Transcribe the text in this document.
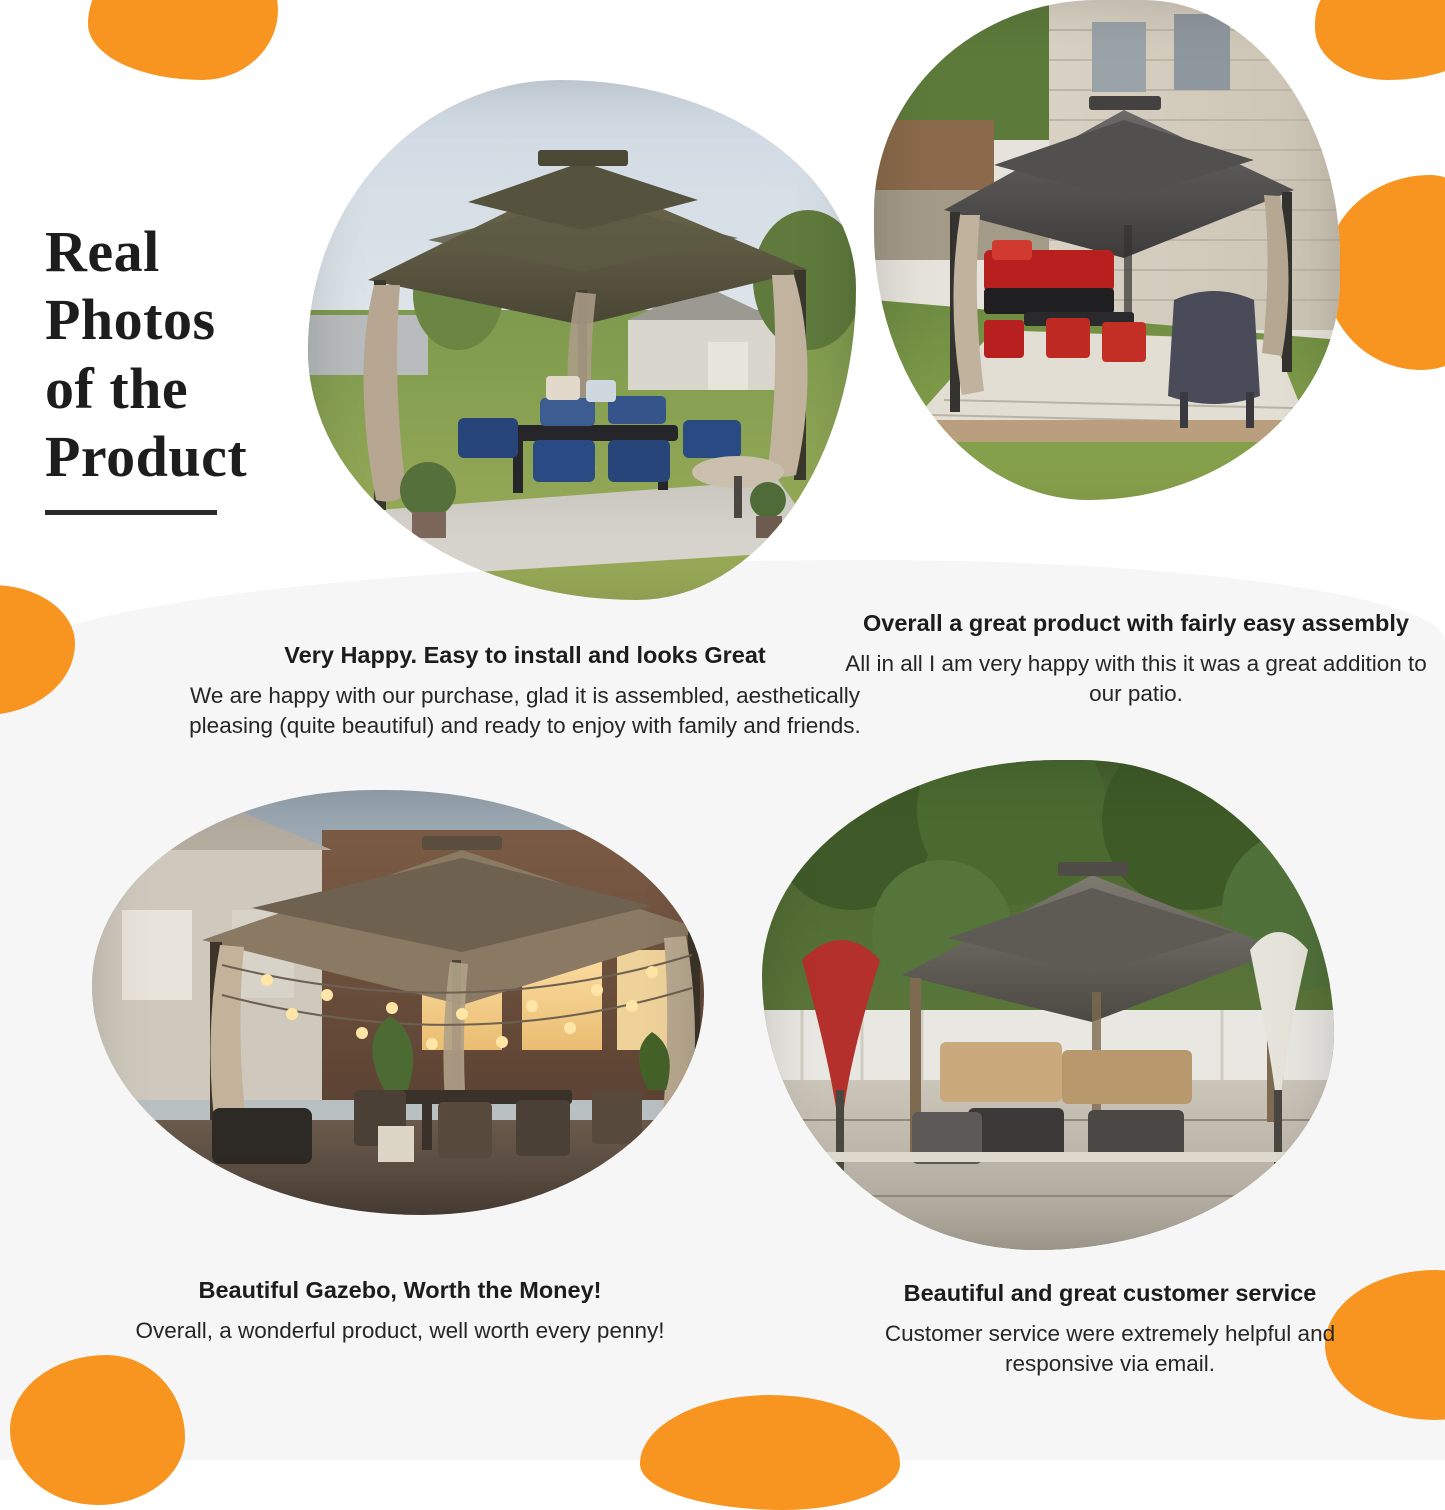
Real
Photos
of the
Product

Very Happy. Easy to install and looks Great

We are happy with our purchase, glad it is assembled, aesthetically pleasing (quite beautiful) and ready to enjoy with family and friends.

Overall a great product with fairly easy assembly

All in all I am very happy with this it was a great addition to our patio.

Beautiful Gazebo, Worth the Money!

Overall, a wonderful product, well worth every penny!

Beautiful and great customer service

Customer service were extremely helpful and responsive via email.
